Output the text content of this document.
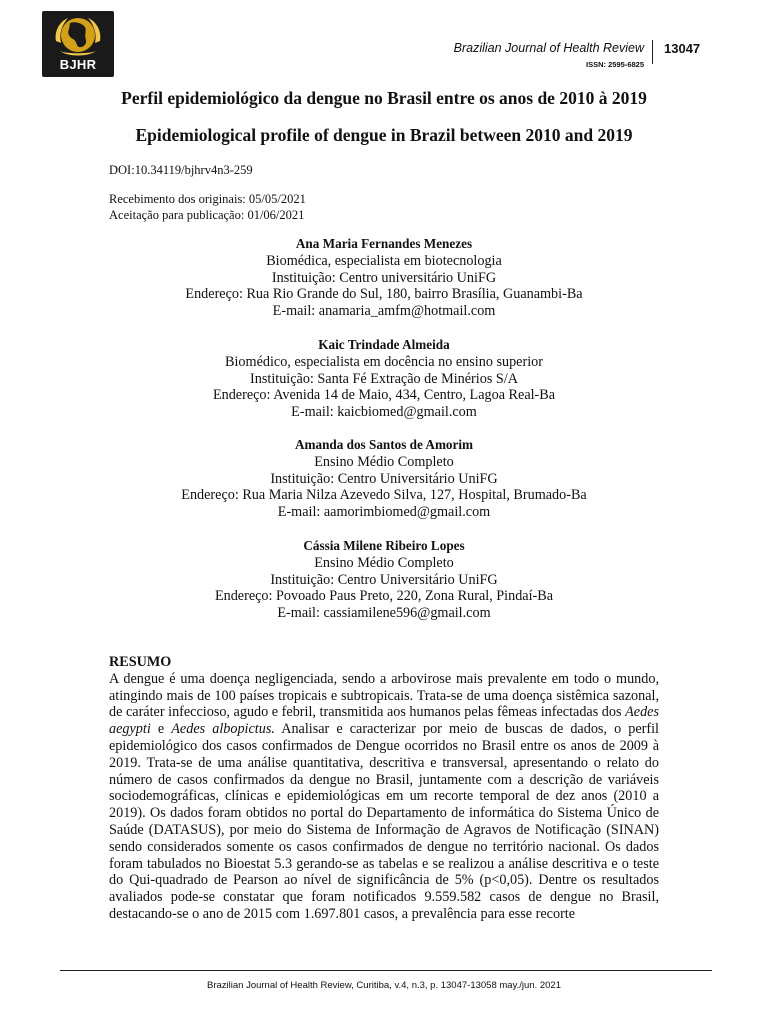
BJHR
Brazilian Journal of Health Review 13047
ISSN: 2595-6825
Perfil epidemiológico da dengue no Brasil entre os anos de 2010 à 2019
Epidemiological profile of dengue in Brazil between 2010 and 2019

DOI:10.34119/bjhrv4n3-259

Recebimento dos originais: 05/05/2021
Aceitação para publicação: 01/06/2021
Ana Maria Fernandes Menezes
Biomédica, especialista em biotecnologia
Instituição: Centro universitário UniFG
Endereço: Rua Rio Grande do Sul, 180, bairro Brasília, Guanambi-Ba
E-mail: anamaria_amfm@hotmail.com
Kaic Trindade Almeida
Biomédico, especialista em docência no ensino superior
Instituição: Santa Fé Extração de Minérios S/A
Endereço: Avenida 14 de Maio, 434, Centro, Lagoa Real-Ba
E-mail: kaicbiomed@gmail.com
Amanda dos Santos de Amorim
Ensino Médio Completo
Instituição: Centro Universitário UniFG
Endereço: Rua Maria Nilza Azevedo Silva, 127, Hospital, Brumado-Ba
E-mail: aamorimbiomed@gmail.com
Cássia Milene Ribeiro Lopes
Ensino Médio Completo
Instituição: Centro Universitário UniFG
Endereço: Povoado Paus Preto, 220, Zona Rural, Pindaí-Ba
E-mail: cassiamilene596@gmail.com
RESUMO

A dengue é uma doença negligenciada, sendo a arbovirose mais prevalente em todo o mundo, atingindo mais de 100 países tropicais e subtropicais. Trata-se de uma doença sistêmica sazonal, de caráter infeccioso, agudo e febril, transmitida aos humanos pelas fêmeas infectadas dos Aedes aegypti e Aedes albopictus. Analisar e caracterizar por meio de buscas de dados, o perfil epidemiológico dos casos confirmados de Dengue ocorridos no Brasil entre os anos de 2009 à 2019. Trata-se de uma análise quantitativa, descritiva e transversal, apresentando o relato do número de casos confirmados da dengue no Brasil, juntamente com a descrição de variáveis sociodemográficas, clínicas e epidemiológicas em um recorte temporal de dez anos (2010 a 2019). Os dados foram obtidos no portal do Departamento de informática do Sistema Único de Saúde (DATASUS), por meio do Sistema de Informação de Agravos de Notificação (SINAN) sendo considerados somente os casos confirmados de dengue no território nacional. Os dados foram tabulados no Bioestat 5.3 gerando-se as tabelas e se realizou a análise descritiva e o teste do Qui-quadrado de Pearson ao nível de significância de 5% (p<0,05). Dentre os resultados avaliados pode-se constatar que foram notificados 9.559.582 casos de dengue no Brasil, destacando-se o ano de 2015 com 1.697.801 casos, a prevalência para esse recorte

Brazilian Journal of Health Review, Curitiba, v.4, n.3, p. 13047-13058 may./jun. 2021
